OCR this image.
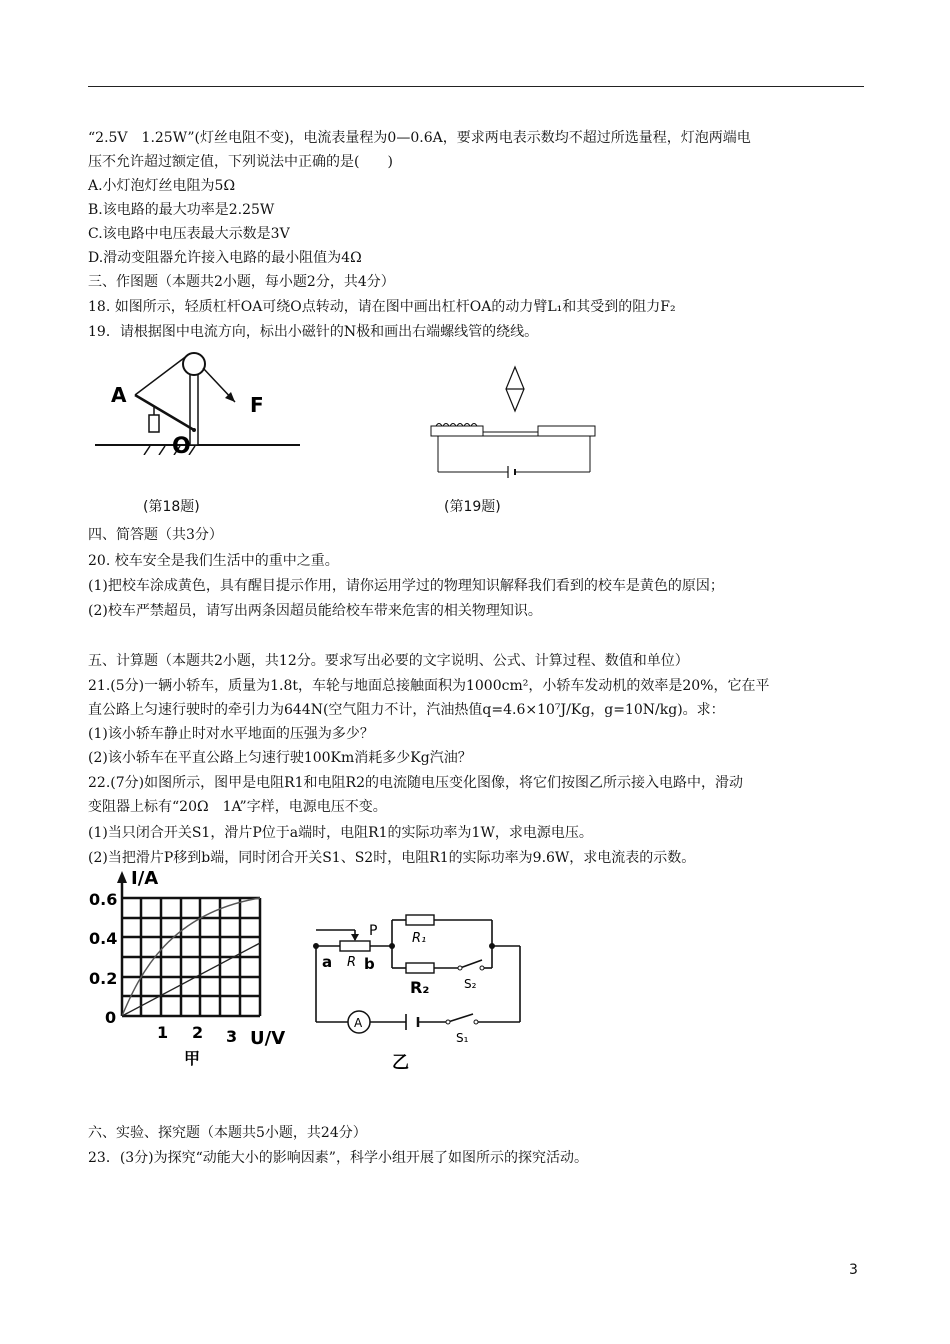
“2.5V　1.25W”(灯丝电阻不变)，电流表量程为0—0.6A，要求两电表示数均不超过所选量程，灯泡两端电
压不允许超过额定值，下列说法中正确的是(　　)
A.小灯泡灯丝电阻为5Ω
B.该电路的最大功率是2.25W
C.该电路中电压表最大示数是3V
D.滑动变阻器允许接入电路的最小阻值为4Ω
三、作图题（本题共2小题，每小题2分，共4分）
18. 如图所示，轻质杠杆OA可绕O点转动，请在图中画出杠杆OA的动力臂L₁和其受到的阻力F₂
19．请根据图中电流方向，标出小磁针的N极和画出右端螺线管的绕线。
A	F
O
(第18题)	(第19题)
四、简答题（共3分）
20. 校车安全是我们生活中的重中之重。
(1)把校车涂成黄色，具有醒目提示作用，请你运用学过的物理知识解释我们看到的校车是黄色的原因；
(2)校车严禁超员，请写出两条因超员能给校车带来危害的相关物理知识。
五、计算题（本题共2小题，共12分。要求写出必要的文字说明、公式、计算过程、数值和单位）
21.(5分)一辆小轿车，质量为1.8t，车轮与地面总接触面积为1000cm²，小轿车发动机的效率是20%，它在平
直公路上匀速行驶时的牵引力为644N(空气阻力不计，汽油热值q=4.6×10⁷J/Kg，g=10N/kg)。求：
(1)该小轿车静止时对水平地面的压强为多少？
(2)该小轿车在平直公路上匀速行驶100Km消耗多少Kg汽油？
22.(7分)如图所示，图甲是电阻R1和电阻R2的电流随电压变化图像，将它们按图乙所示接入电路中，滑动
变阻器上标有“20Ω　1A”字样，电源电压不变。
(1)当只闭合开关S1，滑片P位于a端时，电阻R1的实际功率为1W，求电源电压。
(2)当把滑片P移到b端，同时闭合开关S1、S2时，电阻R1的实际功率为9.6W，求电流表的示数。
I/A
0.6
0.4
0.2
0
1 2 3 U/V
甲
A
P	R₁
R₂
a R b
S₂
S₁
乙
六、实验、探究题（本题共5小题，共24分）
23．(3分)为探究“动能大小的影响因素”，科学小组开展了如图所示的探究活动。
3
